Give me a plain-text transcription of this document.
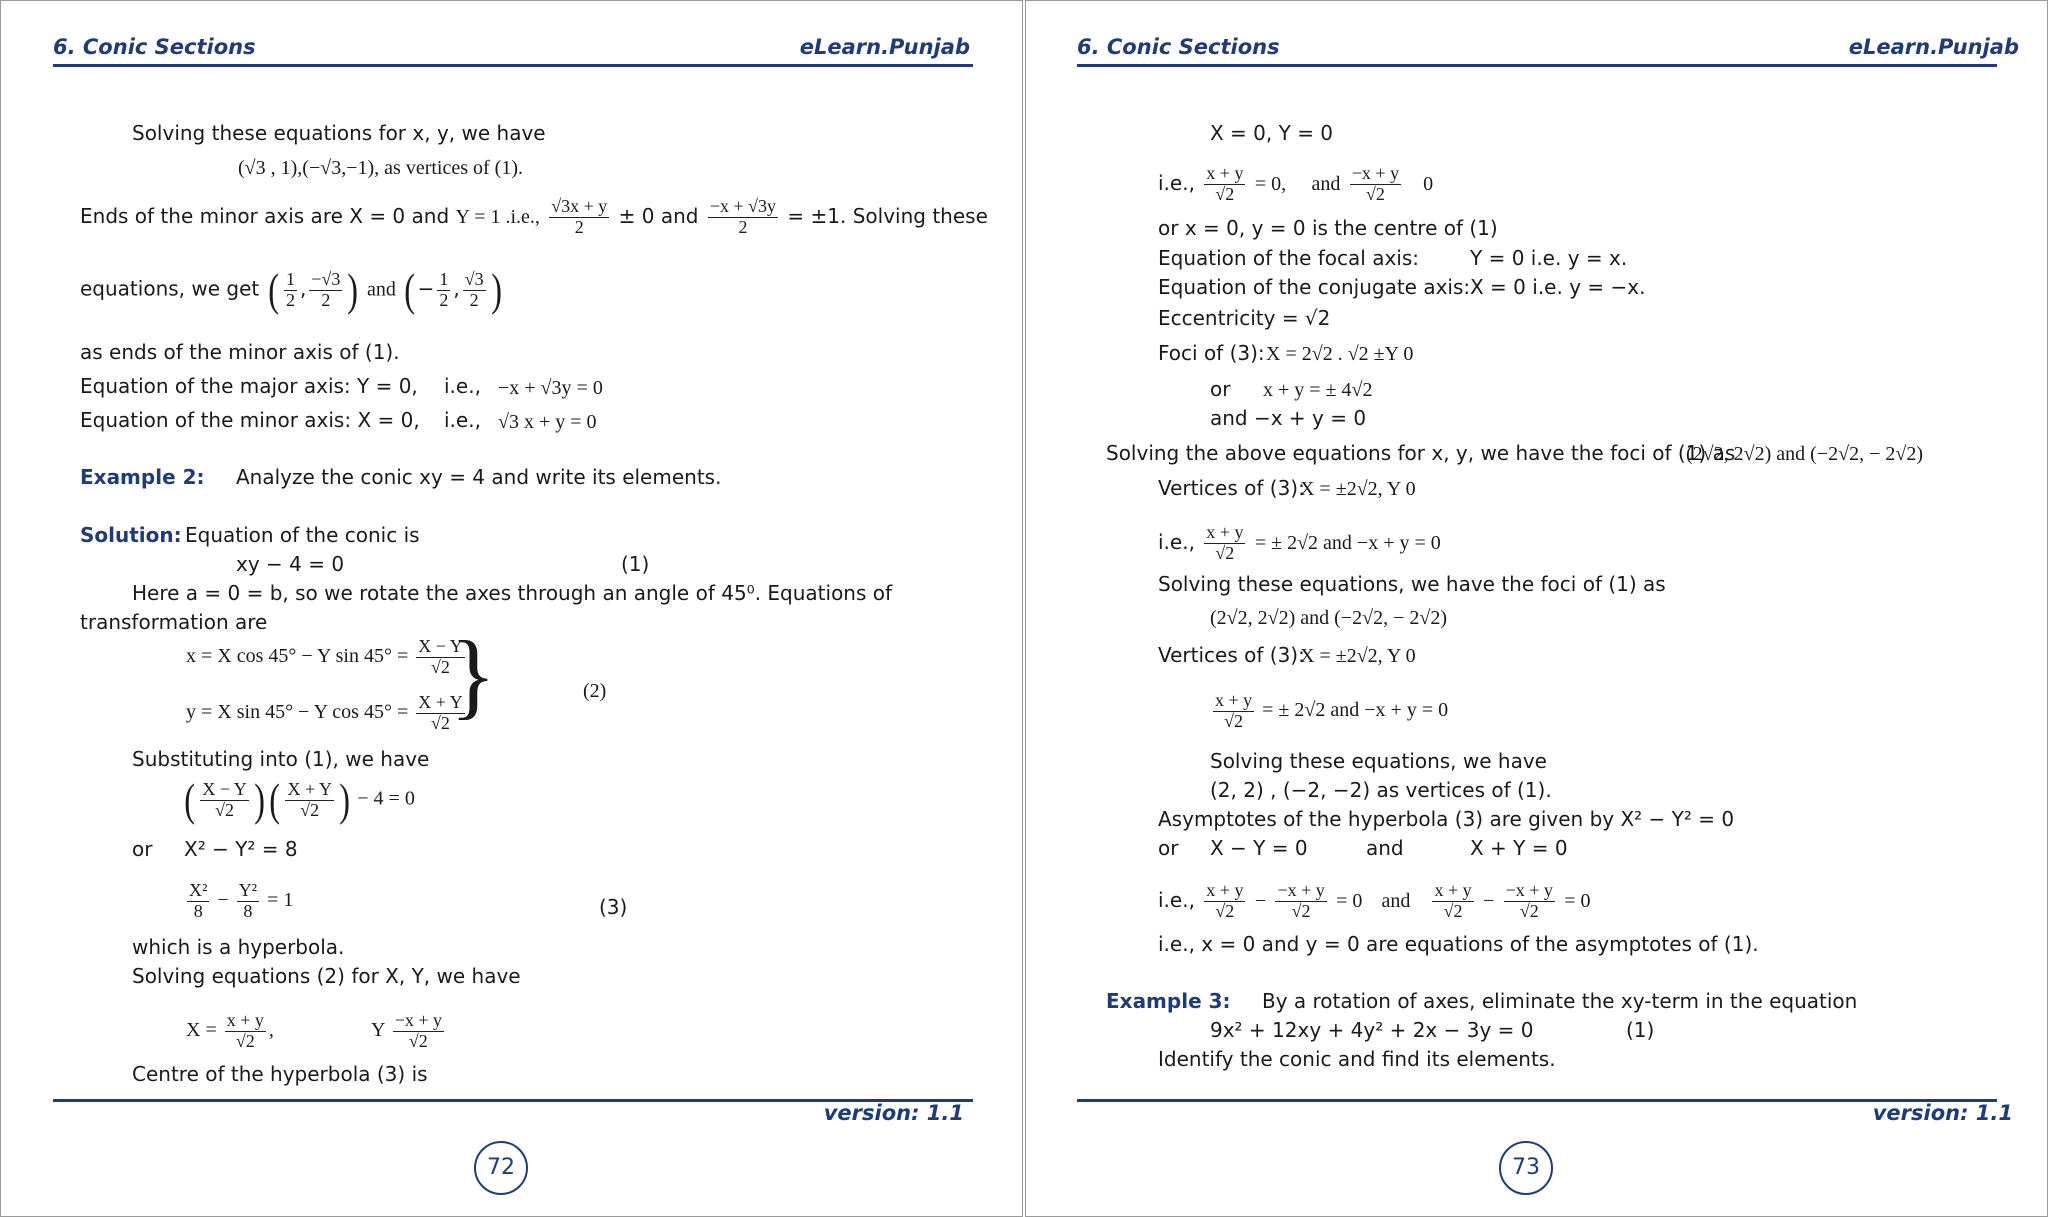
6. Conic Sections	eLearn.Punjab
Solving these equations for x, y, we have
(√3 , 1),(−√3,−1), as vertices of (1).
Ends of the minor axis are X = 0 and Y = 1 .i.e., $\frac{√3x + y}{2} \pm 0$ and $\frac{-x + √3y}{2} = \pm 1$. Solving these
equations, we get ( $\frac{1}{2}$ , $\frac{-√3}{2}$ ) and ( − $\frac{1}{2}$ , $\frac{√3}{2}$ )
as ends of the minor axis of (1).
Equation of the major axis: Y = 0, i.e., −x + √3y = 0
Equation of the minor axis: X = 0, i.e., √3 x + y = 0
Example 2: Analyze the conic xy = 4 and write its elements.
Solution: Equation of the conic is
xy − 4 = 0	(1)
Here a = 0 = b, so we rotate the axes through an angle of 45⁰. Equations of
transformation are
x = X cos 45° − Y $\sin 45^\circ = \frac{X - Y}{√2}$
y = X sin 45° − Y $\cos 45^\circ = \frac{X + Y}{√2}$
}	(2)
Substituting into (1), we have
( $\frac{X - Y}{√2}$ )( $\frac{X + Y}{√2}$ ) − 4 = 0
or X² − Y² = 8
$\frac{\text{X²}}{8} - \frac{\text{Y²}}{8} = 1$	(3)
which is a hyperbola.
Solving equations (2) for X, Y, we have
$X = \frac{x + y}{√2}$ ,	Y $\frac{-x + y}{√2}$
Centre of the hyperbola (3) is
version: 1.1
72
6. Conic Sections	eLearn.Punjab
X = 0, Y = 0
i.e., $\frac{x + y}{√2} = 0$, and $\frac{-x + y}{√2} 0$
or x = 0, y = 0 is the centre of (1)
Equation of the focal axis:	Y = 0 i.e. y = x.
Equation of the conjugate axis: X = 0 i.e. y = −x.
Eccentricity = √2
Foci of (3): X = 2√2 . √2 ±Y 0
or x + y = ± 4√2
and −x + y = 0
Solving the above equations for x, y, we have the foci of (1) as
(2√2, 2√2) and (−2√2, − 2√2)
Vertices of (3):
X = ±2√2, Y 0
i.e., $\frac{x + y}{√2}$ = ± 2√2 and −x + y = 0
Solving these equations, we have the foci of (1) as
(2√2, 2√2) and (−2√2, − 2√2)
Vertices of (3):
X = ±2√2, Y 0
$\frac{x + y}{√2}$ = ± 2√2 and −x + y = 0
Solving these equations, we have
(2, 2) , (−2, −2) as vertices of (1).
Asymptotes of the hyperbola (3) are given by X² − Y² = 0
or X − Y = 0	and	X + Y = 0
i.e., $\frac{x + y}{√2} - \frac{-x + y}{√2} = 0$ and $\frac{x + y}{√2} - \frac{-x + y}{√2} = 0$
i.e., x = 0 and y = 0 are equations of the asymptotes of (1).
Example 3: By a rotation of axes, eliminate the xy-term in the equation
9x² + 12xy + 4y² + 2x − 3y = 0	(1)
Identify the conic and find its elements.
version: 1.1
73
